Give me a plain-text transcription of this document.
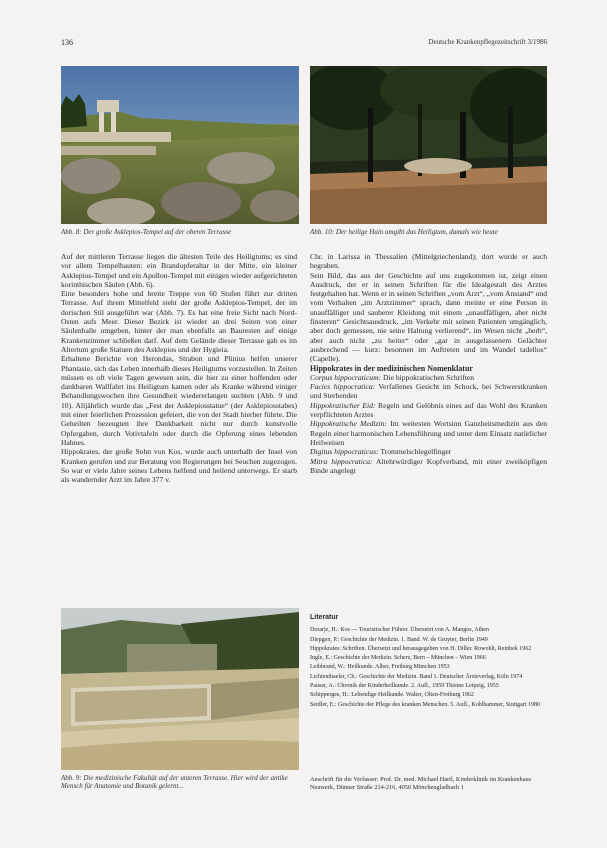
136	Deutsche Krankenpflegezeitschrift 3/1986
Abb. 8: Der große Asklepios-Tempel auf der oberen Terrasse	Abb. 10: Der heilige Hain umgibt das Heiligtum, damals wie heute

Auf der mittleren Terrasse liegen die ältesten Teile des Heiligtums; es sind vor allem Tempelbauten: ein Brandopferaltar in der Mitte, ein kleiner Asklepios-Tempel und ein Apollon-Tempel mit einigen wieder aufgerichteten korinthischen Säulen (Abb. 6).

Eine besonders hohe und breite Treppe von 60 Stufen führt zur dritten Terrasse. Auf ihrem Mittelfeld steht der große Asklepios-Tempel, der im dorischen Stil ausgeführt war (Abb. 7). Es hat eine freie Sicht nach Nord-Osten aufs Meer. Dieser Bezirk ist wieder an drei Seiten von einer Säulenhalle umgeben, hinter der man ebenfalls an Bauresten auf einige Krankenzimmer schließen darf. Auf dem Gelände dieser Terrasse gab es im Altertum große Statuen des Asklepios und der Hygieia.

Erhaltene Berichte von Herondas, Strabon und Plinius helfen unserer Phantasie, sich das Leben innerhalb dieses Heiligtums vorzustellen. In Zeiten müssen es oft viele Tagen gewesen sein, die hier zu einer hoffenden oder dankbaren Wallfahrt ins Heiligtum kamen oder als Kranke während einiger Behandlungswochen ihre Gesundheit wiedererlangen suchten (Abb. 9 und 10). Alljährlich wurde das „Fest der Asklepiosstatue“ (der Asklepiosstabes) mit einer feierlichen Prozession gefeiert, die von der Stadt hierher führte. Die Geheilten bezeugten ihre Dankbarkeit nicht nur durch kunstvolle Opfergaben, durch Votivtafeln oder durch die Opferung eines lebenden Hahnes.

Hippokrates, der große Sohn von Kos, wurde auch unterhalb der Insel von Kranken gerufen und zur Beratung von Regierungen bei Seuchen zugezogen. So war er viele Jahre seines Lebens helfend und heilend unterwegs. Er starb als wandernder Arzt im Jahre 377 v.

Chr. in Larissa in Thessalien (Mittelgriechenland); dort wurde er auch begraben.

Sein Bild, das aus der Geschichte auf uns zugekommen ist, zeigt einen Ausdruck, der er in seinen Schriften für die Idealgestalt des Arztes festgehalten hat. Wenn er in seinen Schriften „vom Arzt“, „vom Anstand“ und vom Verhalten „im Arztzimmer“ sprach, dann meinte er eine Person in unauffälliger und sauberer Kleidung mit einem „unauffälligen, aber nicht finsteren“ Gesichtsausdruck, „im Verkehr mit seinen Patienten umgänglich, aber doch gemessen, nie seine Haltung verlierend“, im Wesen nicht „herb“, aber auch nicht „zu heiter“ oder „gar in ausgelassenem Gelächter ausbrechend — kurz: besonnen im Auftreten und im Wandel tadellos“ (Capelle).

Hippokrates in der medizinischen Nomenklatur

Corpus hippocraticum: Die hippokratischen Schriften

Facies hippocratica: Verfallenes Gesicht im Schock, bei Schwerstkranken und Sterbenden

Hippokratischer Eid: Regeln und Gelöbnis eines auf das Wohl des Kranken verpflichteten Arztes

Hippokratische Medizin: Im weitesten Wortsinn Ganzheitsmedizin aus den Regeln einer harmonischen Lebensführung und unter dem Einsatz natürlicher Heilweisen

Digitus hippocraticus: Trommelschlegelfinger

Mitra hippocratica: Altehrwürdiger Kopfverband, mit einer zweiköpfigen Binde angelegt

Abb. 9: Die medizinische Fakultät auf der unteren Terrasse. Hier wird der antike Mensch für Anatomie und Botanik gelernt...
Literatur

Dorarje, H.: Kos — Touristischer Führer. Übersetzt von A. Mangos, Athen

Diepgen, P.: Geschichte der Medizin. 1. Band. W. de Gruyter, Berlin 1949

Hippokrates: Schriften. Übersetzt und herausgegeben von H. Diller. Rowohlt, Reinbek 1962

Ingle, E.: Geschichte der Medizin. Scherz, Bern – München – Wien 1966

Leibbrand, W.: Heilkunde. Alber, Freiburg München 1953

Lichtenthaeler, Ch.: Geschichte der Medizin. Band 1. Deutscher Ärzteverlag, Köln 1974

Pauser, A.: Chronik der Kinderheilkunde. 2. Aufl., 1959 Thieme Leipzig, 1955

Schipperges, H.: Lebendige Heilkunde. Walter, Olten-Freiburg 1962

Seidler, E.: Geschichte der Pflege des kranken Menschen. 5. Aufl., Kohlhammer, Stuttgart 1980

Anschrift für die Verfasser: Prof. Dr. med. Michael Hartl, Kinderklinik im Krankenhaus Neuwerk, Dünner Straße 214-216, 4050 Mönchengladbach 1
